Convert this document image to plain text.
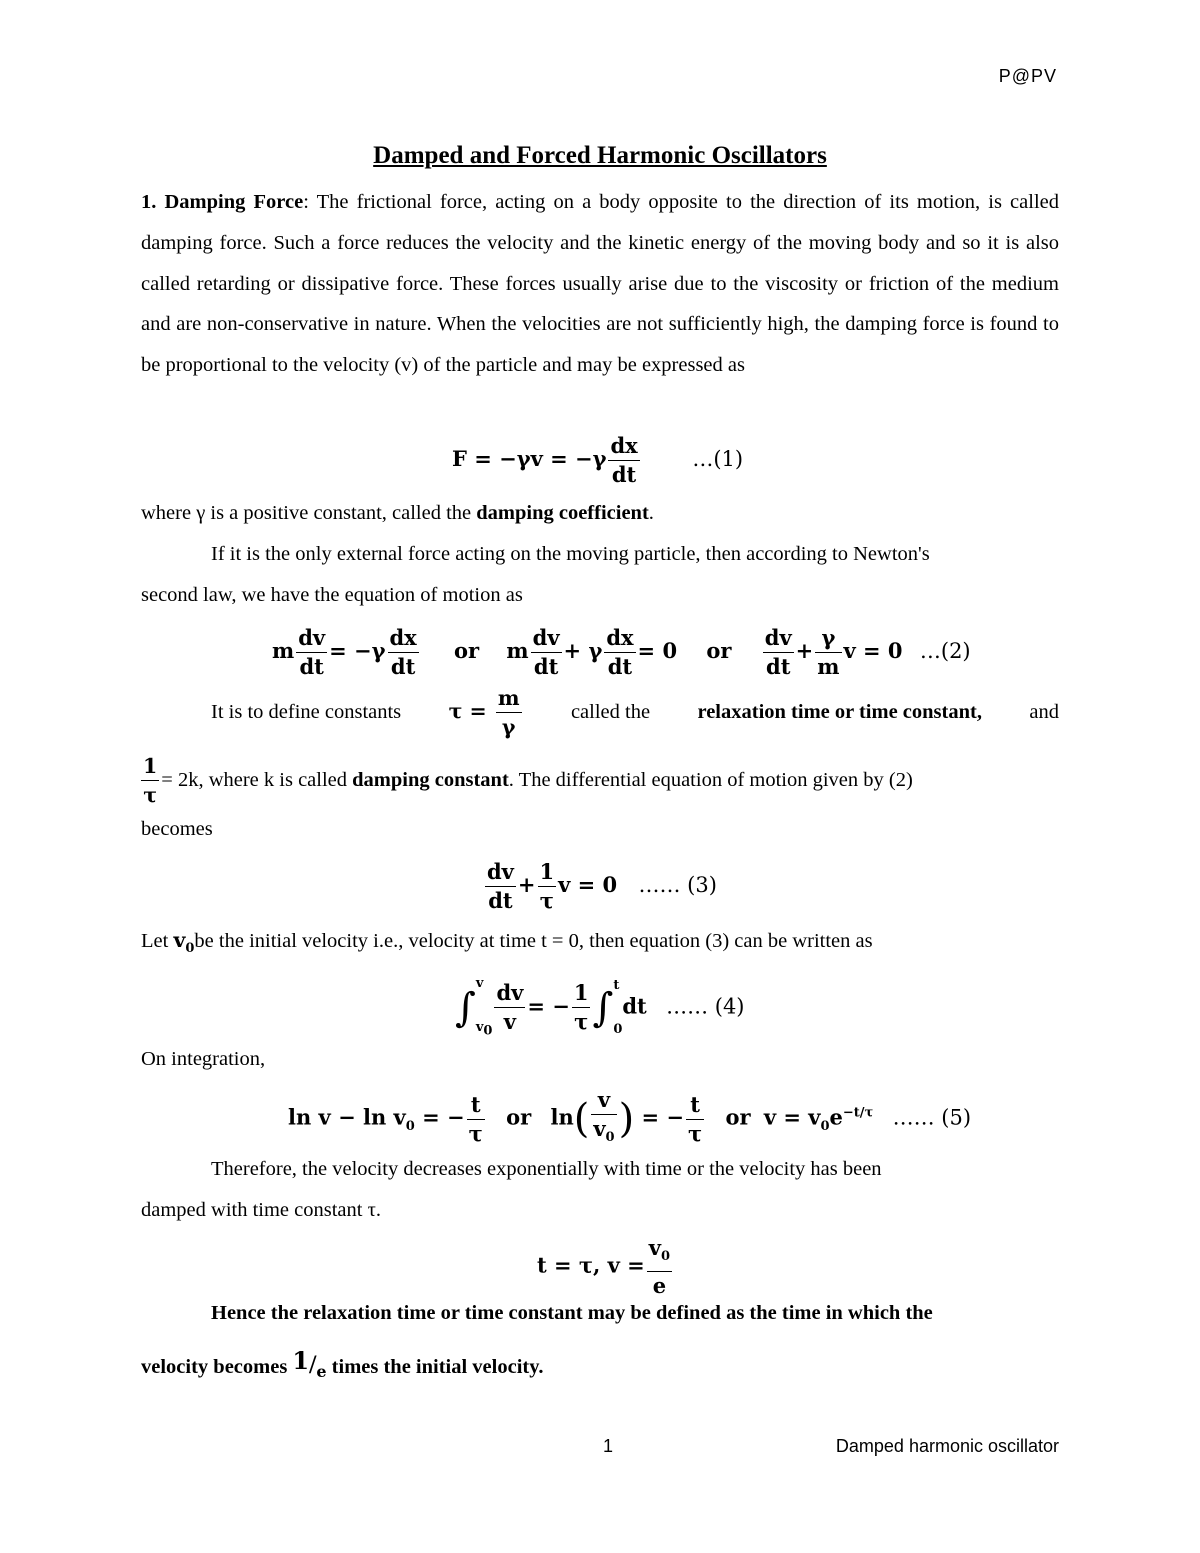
P@PV
Damped and Forced Harmonic Oscillators

1. Damping Force: The frictional force, acting on a body opposite to the direction of its motion, is called damping force. Such a force reduces the velocity and the kinetic energy of the moving body and so it is also called retarding or dissipative force. These forces usually arise due to the viscosity or friction of the medium and are non-conservative in nature. When the velocities are not sufficiently high, the damping force is found to be proportional to the velocity (v) of the particle and may be expressed as

$F = -\gamma v = -\gamma \frac{dx}{dt}$	…(1)
where γ is a positive constant, called the damping coefficient.
If it is the only external force acting on the moving particle, then according to Newton's
second law, we have the equation of motion as
m $\frac{dv}{dt} = -\gamma \frac{dx}{dt}$ or m $\frac{dv}{dt} + \gamma \frac{dx}{dt} = 0$ or $\frac{dv}{dt} + \frac{\gamma}{m}$ v = 0 …(2)
It is to define constants $\tau = \frac{m}{\gamma}$ called the relaxation time or time constant, and
$\frac{1}{\tau} = 2k$, where k is called
damping constant . The differential equation of motion given by (2)
becomes
$\frac{dv}{dt} + \frac{1}{\tau}$ v = 0 …… (3)
Let $v_0be$ the initial velocity i.e., velocity at time t = 0, then equation (3) can be written as
∫
v
$v_0 \frac{dv}{v}$ = − $\frac{1}{\tau}$ ∫ t
0
dt …… (4)
On integration,
$\ln v - \ln v_0$ = − $\frac{t}{\tau}$ or $\ln( \frac{v}{v_0}$ ) = − $\frac{t}{\tau}$ or $v = v_0e^{-t/\tau}$ …… (5)
Therefore, the velocity decreases exponentially with time or the velocity has been
damped with time constant τ.
t = τ, $v = \frac{v_0}{e}$
Hence the relaxation time or time constant may be defined as the time in which the
velocity becomes 1/e times the initial velocity.
1	Damped harmonic oscillator
